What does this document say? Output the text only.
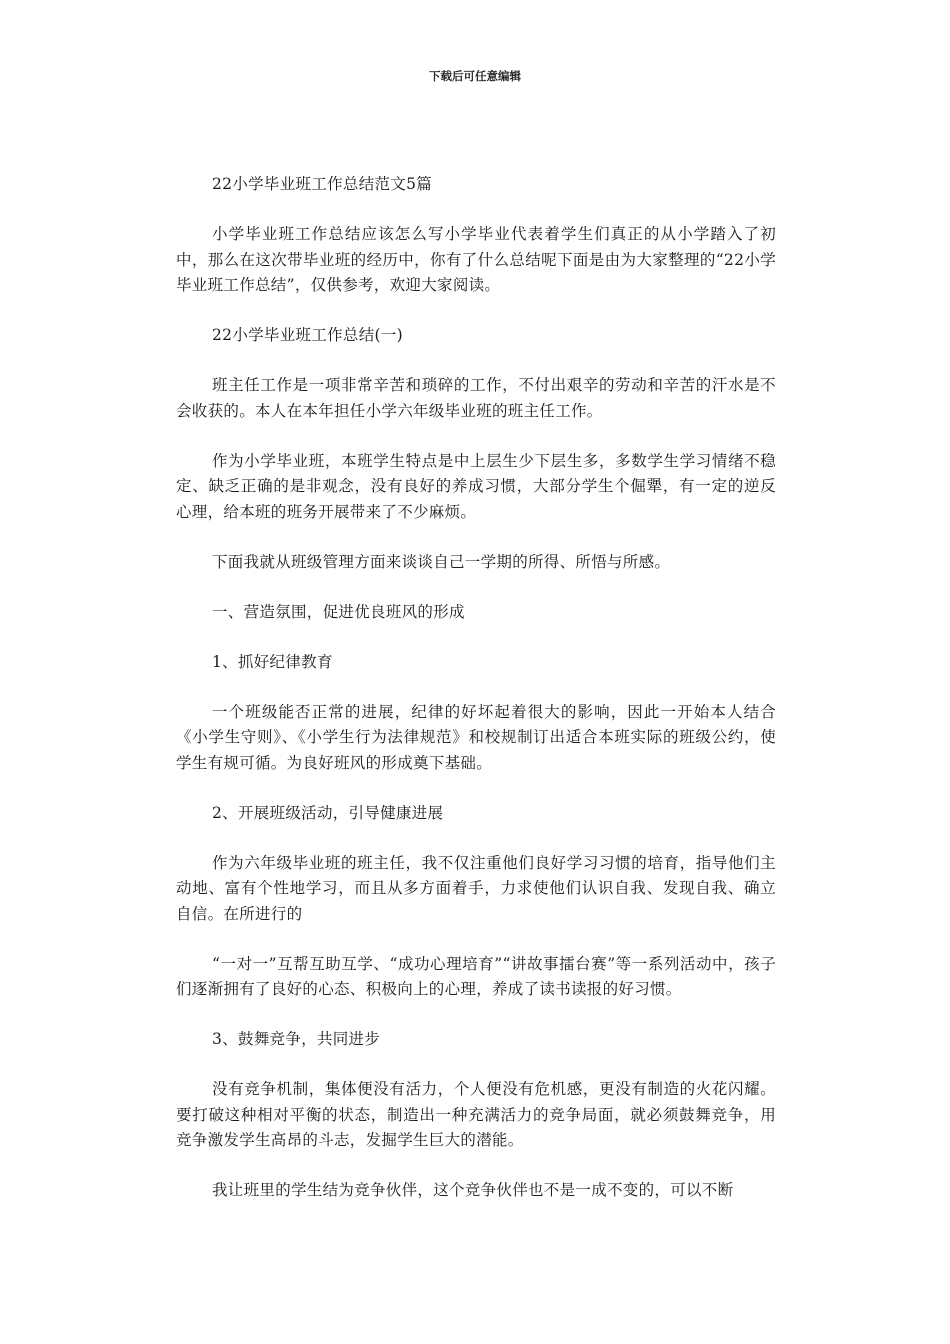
下载后可任意编辑

22小学毕业班工作总结范文5篇

小学毕业班工作总结应该怎么写小学毕业代表着学生们真正的从小学踏入了初中，那么在这次带毕业班的经历中，你有了什么总结呢下面是由为大家整理的“22小学毕业班工作总结”，仅供参考，欢迎大家阅读。

22小学毕业班工作总结(一)

班主任工作是一项非常辛苦和琐碎的工作，不付出艰辛的劳动和辛苦的汗水是不会收获的。本人在本年担任小学六年级毕业班的班主任工作。

作为小学毕业班，本班学生特点是中上层生少下层生多，多数学生学习情绪不稳定、缺乏正确的是非观念，没有良好的养成习惯，大部分学生个倔犟，有一定的逆反心理，给本班的班务开展带来了不少麻烦。

下面我就从班级管理方面来谈谈自己一学期的所得、所悟与所感。

一、营造氛围，促进优良班风的形成

1、抓好纪律教育

一个班级能否正常的进展，纪律的好坏起着很大的影响，因此一开始本人结合《小学生守则》、《小学生行为法律规范》和校规制订出适合本班实际的班级公约，使学生有规可循。为良好班风的形成奠下基础。

2、开展班级活动，引导健康进展

作为六年级毕业班的班主任，我不仅注重他们良好学习习惯的培育，指导他们主动地、富有个性地学习，而且从多方面着手，力求使他们认识自我、发现自我、确立自信。在所进行的

“一对一”互帮互助互学、“成功心理培育”“讲故事擂台赛”等一系列活动中，孩子们逐渐拥有了良好的心态、积极向上的心理，养成了读书读报的好习惯。

3、鼓舞竞争，共同进步

没有竞争机制，集体便没有活力，个人便没有危机感，更没有制造的火花闪耀。要打破这种相对平衡的状态，制造出一种充满活力的竞争局面，就必须鼓舞竞争，用竞争激发学生高昂的斗志，发掘学生巨大的潜能。

我让班里的学生结为竞争伙伴，这个竞争伙伴也不是一成不变的，可以不断
